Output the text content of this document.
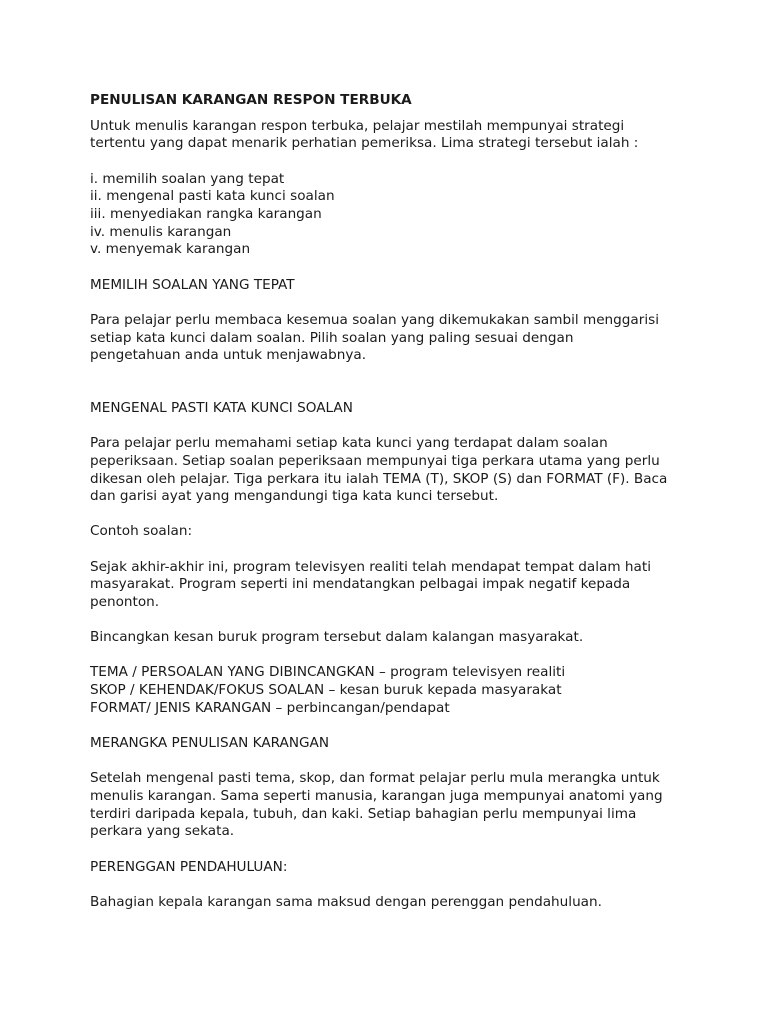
PENULISAN KARANGAN RESPON TERBUKA

Untuk menulis karangan respon terbuka, pelajar mestilah mempunyai strategi
tertentu yang dapat menarik perhatian pemeriksa. Lima strategi tersebut ialah :
i. memilih soalan yang tepat
ii. mengenal pasti kata kunci soalan
iii. menyediakan rangka karangan
iv. menulis karangan
v. menyemak karangan

MEMILIH SOALAN YANG TEPAT

Para pelajar perlu membaca kesemua soalan yang dikemukakan sambil menggarisi
setiap kata kunci dalam soalan. Pilih soalan yang paling sesuai dengan
pengetahuan anda untuk menjawabnya.

MENGENAL PASTI KATA KUNCI SOALAN

Para pelajar perlu memahami setiap kata kunci yang terdapat dalam soalan
peperiksaan. Setiap soalan peperiksaan mempunyai tiga perkara utama yang perlu
dikesan oleh pelajar. Tiga perkara itu ialah TEMA (T), SKOP (S) dan FORMAT (F). Baca
dan garisi ayat yang mengandungi tiga kata kunci tersebut.

Contoh soalan:

Sejak akhir-akhir ini, program televisyen realiti telah mendapat tempat dalam hati
masyarakat. Program seperti ini mendatangkan pelbagai impak negatif kepada
penonton.

Bincangkan kesan buruk program tersebut dalam kalangan masyarakat.

TEMA / PERSOALAN YANG DIBINCANGKAN – program televisyen realiti
SKOP / KEHENDAK/FOKUS SOALAN – kesan buruk kepada masyarakat
FORMAT/ JENIS KARANGAN – perbincangan/pendapat

MERANGKA PENULISAN KARANGAN

Setelah mengenal pasti tema, skop, dan format pelajar perlu mula merangka untuk
menulis karangan. Sama seperti manusia, karangan juga mempunyai anatomi yang
terdiri daripada kepala, tubuh, dan kaki. Setiap bahagian perlu mempunyai lima
perkara yang sekata.

PERENGGAN PENDAHULUAN:

Bahagian kepala karangan sama maksud dengan perenggan pendahuluan.
